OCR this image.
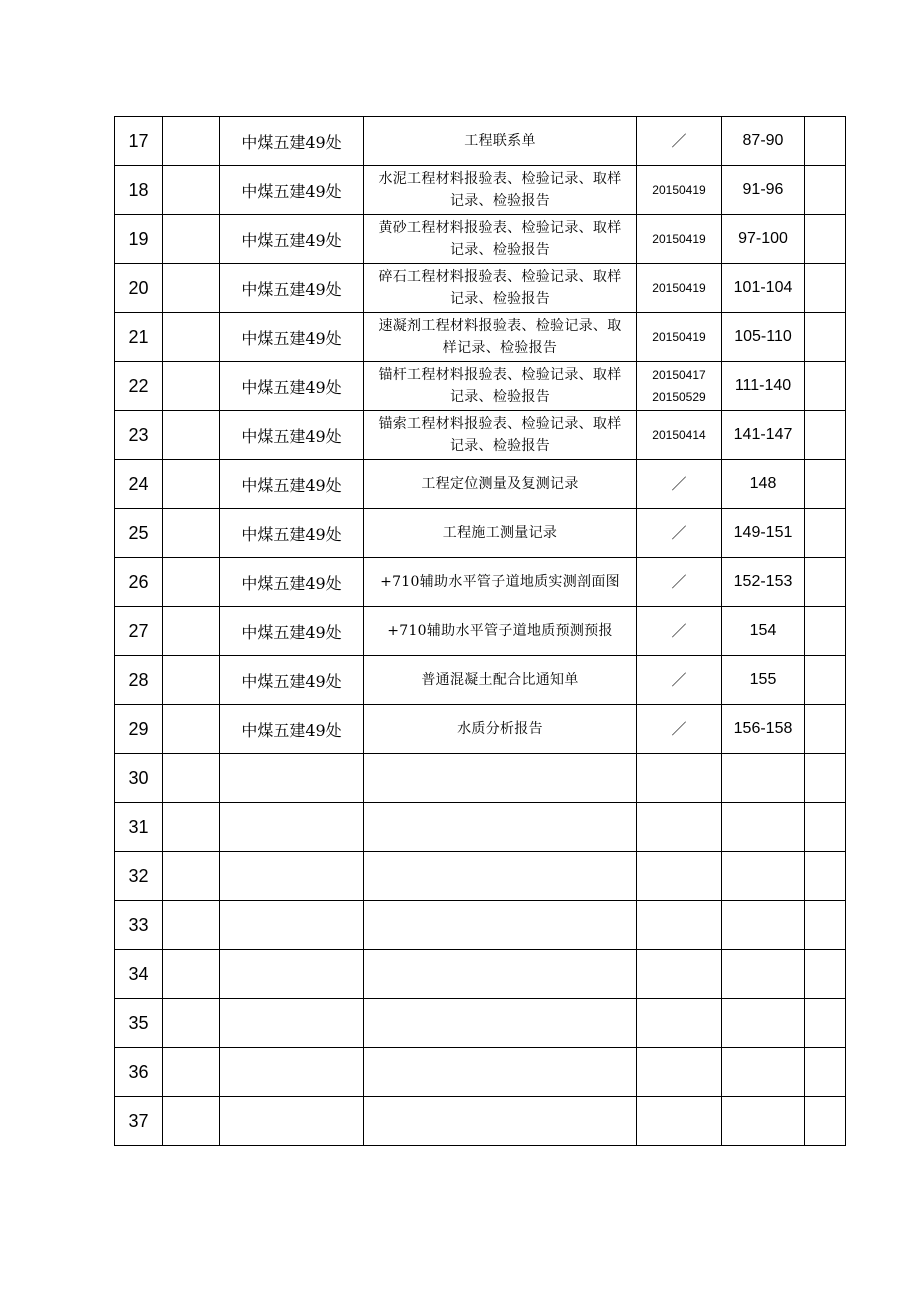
17		中煤五建49处	工程联系单	／	87-90	
18		中煤五建49处	水泥工程材料报验表、检验记录、取样
记录、检验报告	20150419	91-96	
19		中煤五建49处	黄砂工程材料报验表、检验记录、取样
记录、检验报告	20150419	97-100	
20		中煤五建49处	碎石工程材料报验表、检验记录、取样
记录、检验报告	20150419	101-104	
21		中煤五建49处	速凝剂工程材料报验表、检验记录、取
样记录、检验报告	20150419	105-110	
22		中煤五建49处	锚杆工程材料报验表、检验记录、取样
记录、检验报告	20150417
20150529	111-140	
23		中煤五建49处	锚索工程材料报验表、检验记录、取样
记录、检验报告	20150414	141-147	
24		中煤五建49处	工程定位测量及复测记录	／	148	
25		中煤五建49处	工程施工测量记录	／	149-151	
26		中煤五建49处	+710辅助水平管子道地质实测剖面图	／	152-153	
27		中煤五建49处	+710辅助水平管子道地质预测预报	／	154	
28		中煤五建49处	普通混凝土配合比通知单	／	155	
29		中煤五建49处	水质分析报告	／	156-158	
30						
31						
32						
33						
34						
35						
36						
37						
